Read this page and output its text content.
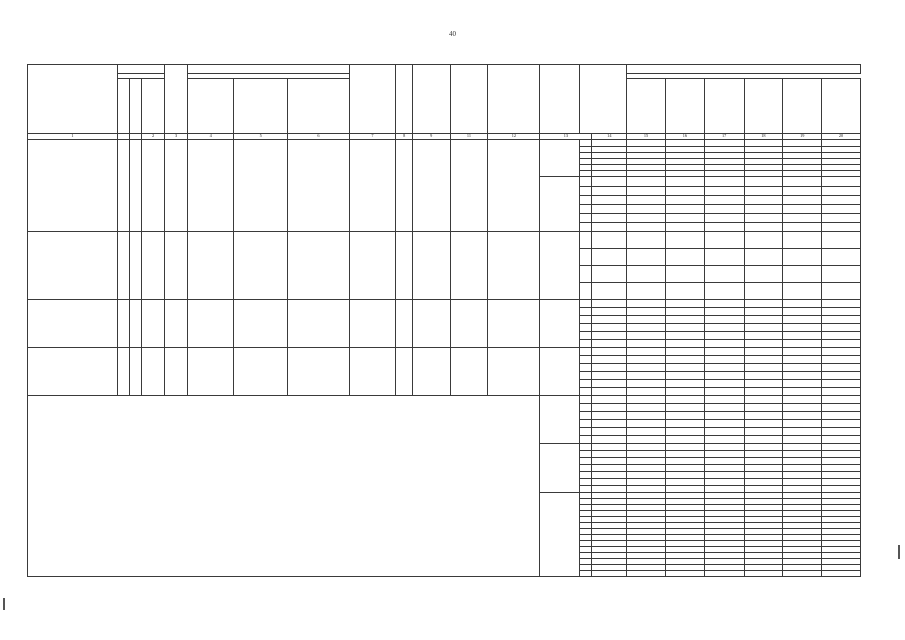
40

1			2	3	4	5	6	7	8	9	11	12	13		14	15	16	17	18	19	20
